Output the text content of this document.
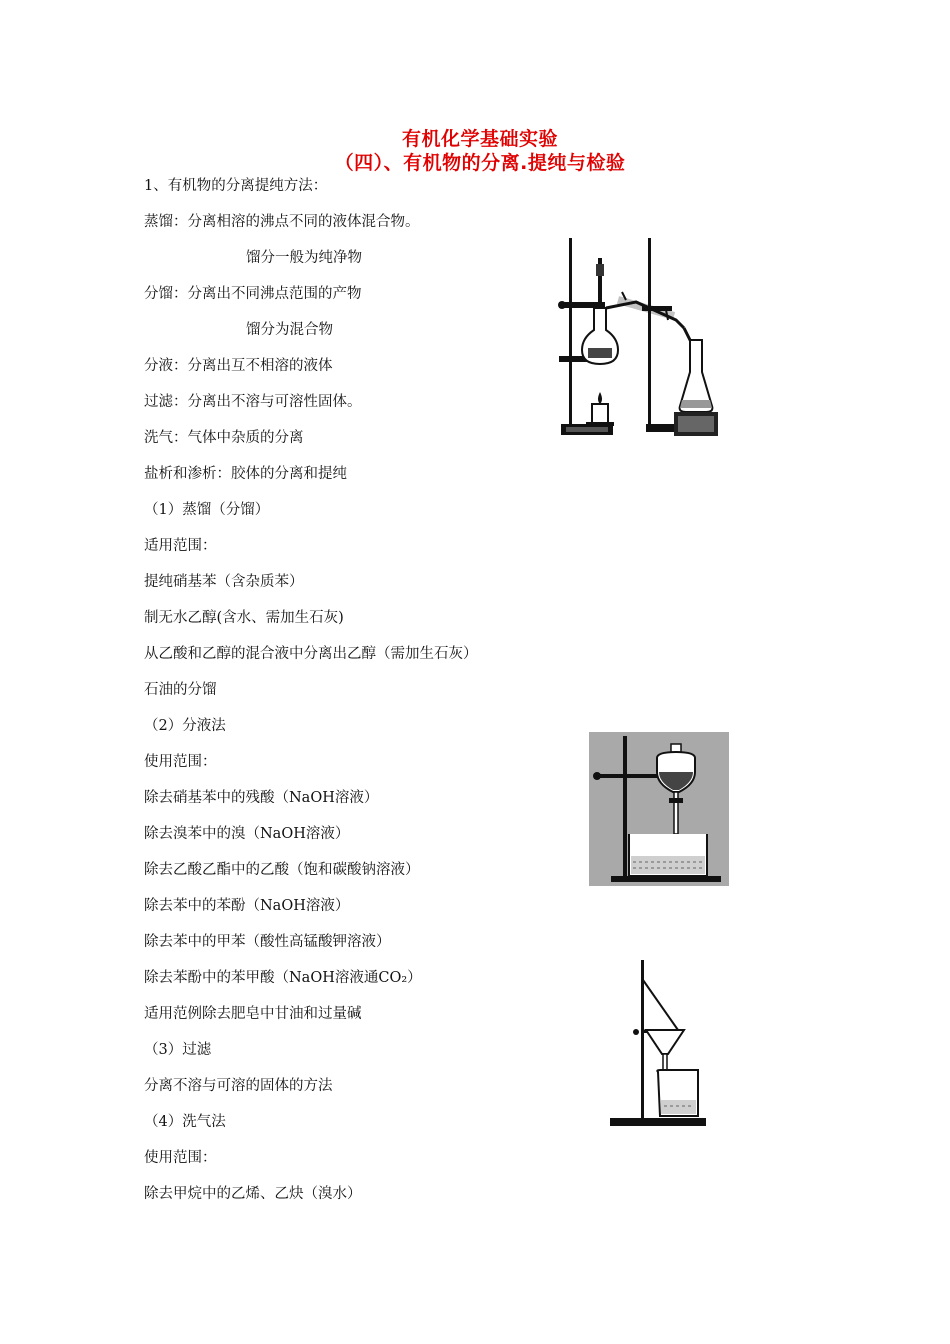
有机化学基础实验
（四）、有机物的分离.提纯与检验
1、有机物的分离提纯方法：
蒸馏：分离相溶的沸点不同的液体混合物。
馏分一般为纯净物
分馏：分离出不同沸点范围的产物
馏分为混合物
分液：分离出互不相溶的液体
过滤：分离出不溶与可溶性固体。
洗气：气体中杂质的分离
盐析和渗析：胶体的分离和提纯
（1）蒸馏（分馏）
适用范围：
提纯硝基苯（含杂质苯）
制无水乙醇(含水、需加生石灰)
从乙酸和乙醇的混合液中分离出乙醇（需加生石灰）
石油的分馏
（2）分液法
使用范围：
除去硝基苯中的残酸（NaOH溶液）
除去溴苯中的溴（NaOH溶液）
除去乙酸乙酯中的乙酸（饱和碳酸钠溶液）
除去苯中的苯酚（NaOH溶液）
除去苯中的甲苯（酸性高锰酸钾溶液）
除去苯酚中的苯甲酸（NaOH溶液通CO₂）
适用范例除去肥皂中甘油和过量碱
（3）过滤
分离不溶与可溶的固体的方法
（4）洗气法
使用范围：
除去甲烷中的乙烯、乙炔（溴水）
